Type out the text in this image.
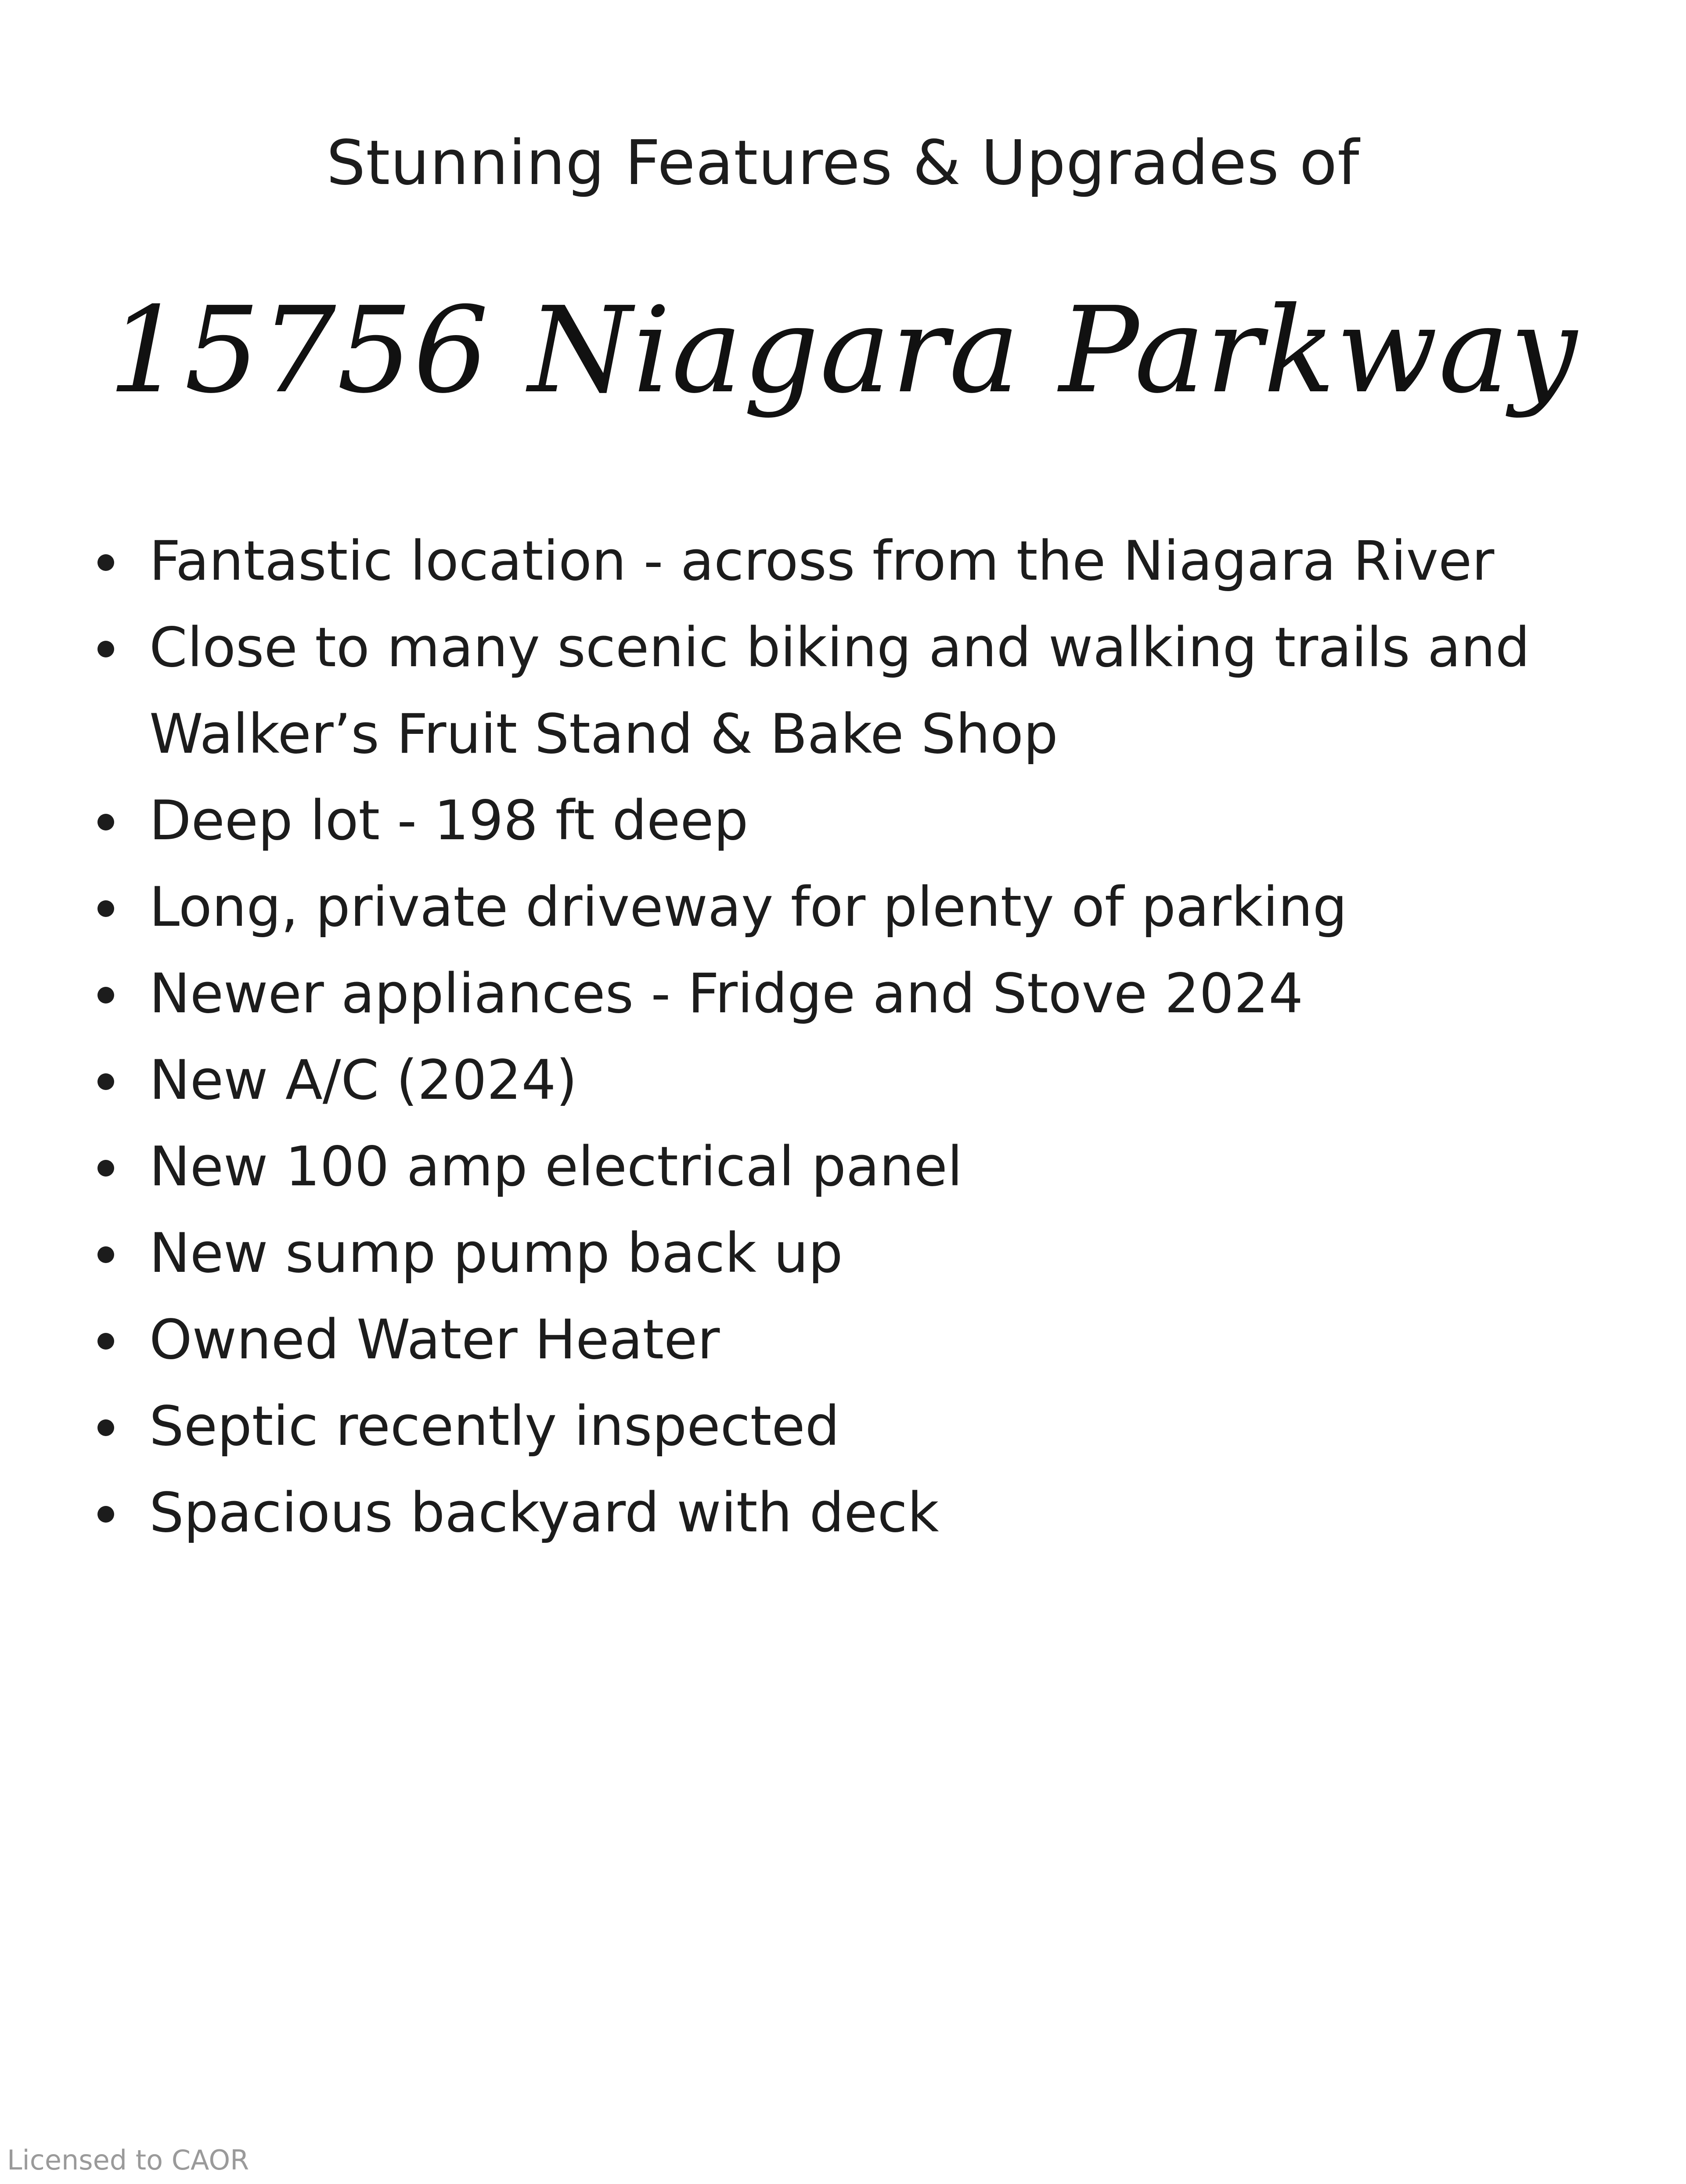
Stunning Features & Upgrades of
15756 Niagara Parkway
Fantastic location - across from the Niagara River
Close to many scenic biking and walking trails and Walker’s Fruit Stand & Bake Shop
Deep lot - 198 ft deep
Long, private driveway for plenty of parking
Newer appliances - Fridge and Stove 2024
New A/C (2024)
New 100 amp electrical panel
New sump pump back up
Owned Water Heater
Septic recently inspected
Spacious backyard with deck
Licensed to CAOR
